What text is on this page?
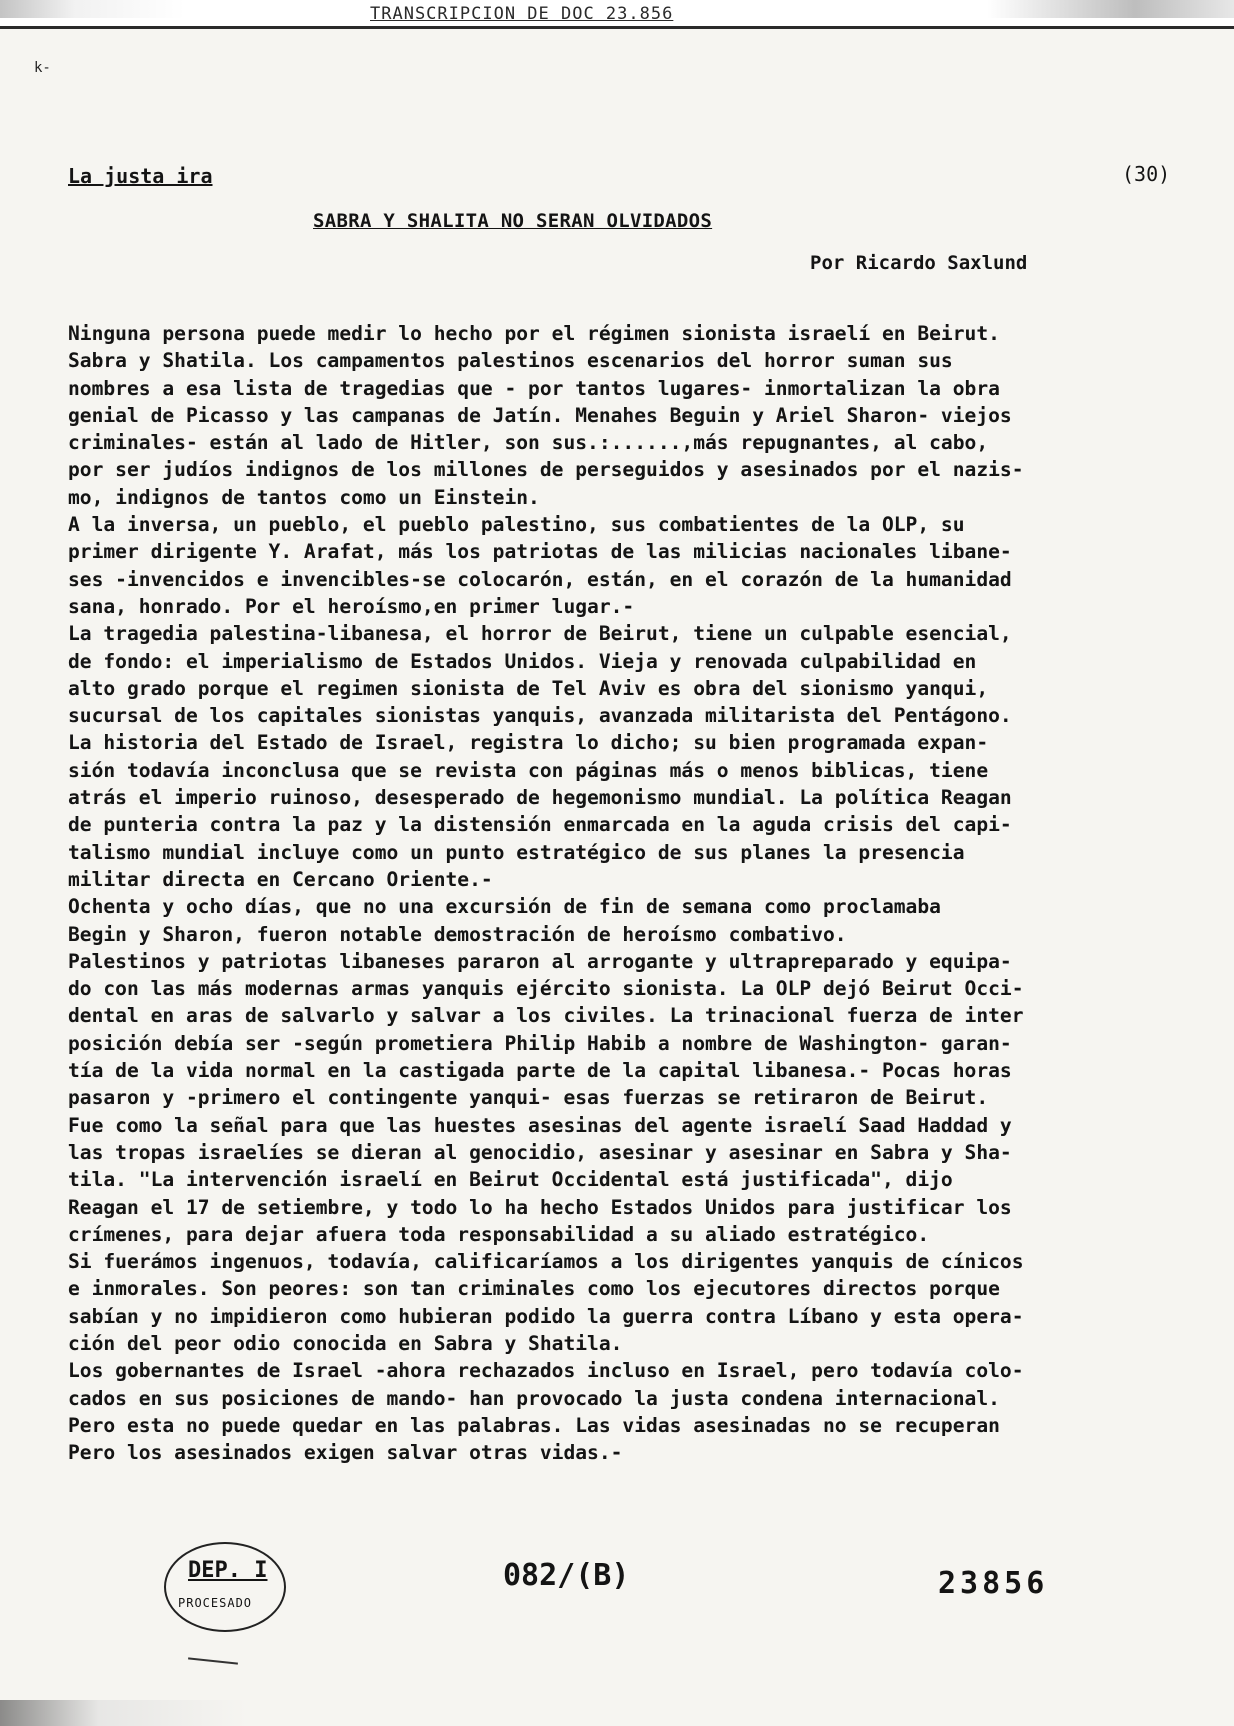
TRANSCRIPCION DE DOC 23.856
k-
La justa ira	(30)
SABRA Y SHALITA NO SERAN OLVIDADOS
Por Ricardo Saxlund
Ninguna persona puede medir lo hecho por el régimen sionista israelí en Beirut.
Sabra y Shatila. Los campamentos palestinos escenarios del horror suman sus
nombres a esa lista de tragedias que - por tantos lugares- inmortalizan la obra
genial de Picasso y las campanas de Jatín. Menahes Beguin y Ariel Sharon- viejos
criminales- están al lado de Hitler, son sus.:......,más repugnantes, al cabo,
por ser judíos indignos de los millones de perseguidos y asesinados por el nazis-
mo, indignos de tantos como un Einstein.
A la inversa, un pueblo, el pueblo palestino, sus combatientes de la OLP, su
primer dirigente Y. Arafat, más los patriotas de las milicias nacionales libane-
ses -invencidos e invencibles-se colocarón, están, en el corazón de la humanidad
sana, honrado. Por el heroísmo,en primer lugar.-
La tragedia palestina-libanesa, el horror de Beirut, tiene un culpable esencial,
de fondo: el imperialismo de Estados Unidos. Vieja y renovada culpabilidad en
alto grado porque el regimen sionista de Tel Aviv es obra del sionismo yanqui,
sucursal de los capitales sionistas yanquis, avanzada militarista del Pentágono.
La historia del Estado de Israel, registra lo dicho; su bien programada expan-
sión todavía inconclusa que se revista con páginas más o menos biblicas, tiene
atrás el imperio ruinoso, desesperado de hegemonismo mundial. La política Reagan
de punteria contra la paz y la distensión enmarcada en la aguda crisis del capi-
talismo mundial incluye como un punto estratégico de sus planes la presencia
militar directa en Cercano Oriente.-
Ochenta y ocho días, que no una excursión de fin de semana como proclamaba
Begin y Sharon, fueron notable demostración de heroísmo combativo.
Palestinos y patriotas libaneses pararon al arrogante y ultrapreparado y equipa-
do con las más modernas armas yanquis ejército sionista. La OLP dejó Beirut Occi-
dental en aras de salvarlo y salvar a los civiles. La trinacional fuerza de inter
posición debía ser -según prometiera Philip Habib a nombre de Washington- garan-
tía de la vida normal en la castigada parte de la capital libanesa.- Pocas horas
pasaron y -primero el contingente yanqui- esas fuerzas se retiraron de Beirut.
Fue como la señal para que las huestes asesinas del agente israelí Saad Haddad y
las tropas israelíes se dieran al genocidio, asesinar y asesinar en Sabra y Sha-
tila. "La intervención israelí en Beirut Occidental está justificada", dijo
Reagan el 17 de setiembre, y todo lo ha hecho Estados Unidos para justificar los
crímenes, para dejar afuera toda responsabilidad a su aliado estratégico.
Si fuerámos ingenuos, todavía, calificaríamos a los dirigentes yanquis de cínicos
e inmorales. Son peores: son tan criminales como los ejecutores directos porque
sabían y no impidieron como hubieran podido la guerra contra Líbano y esta opera-
ción del peor odio conocida en Sabra y Shatila.
Los gobernantes de Israel -ahora rechazados incluso en Israel, pero todavía colo-
cados en sus posiciones de mando- han provocado la justa condena internacional.
Pero esta no puede quedar en las palabras. Las vidas asesinadas no se recuperan
Pero los asesinados exigen salvar otras vidas.-
DEP. I
PROCESADO
082/(B)	23856
